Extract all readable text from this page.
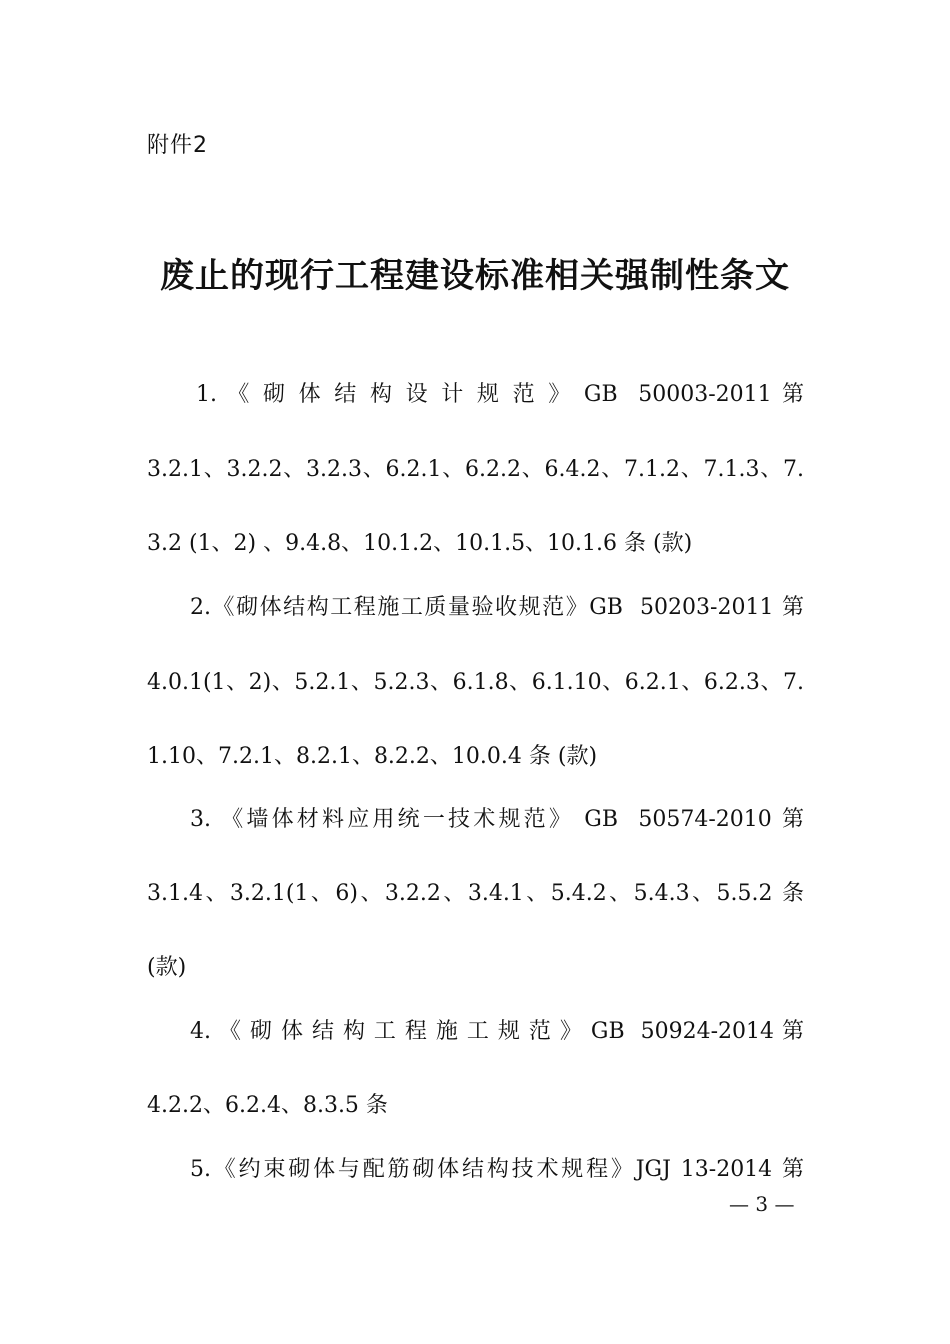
附件2
废止的现行工程建设标准相关强制性条文
1. 《 砌 体 结 构 设 计 规 范 》 GB  50003-2011 第
3.2.1、3.2.2、3.2.3、6.2.1、6.2.2、6.4.2、7.1.2、7.1.3、7.
3.2 (1、2) 、9.4.8、10.1.2、10.1.5、10.1.6 条 (款)
2.《砌体结构工程施工质量验收规范》GB  50203-2011 第
4.0.1(1、2)、5.2.1、5.2.3、6.1.8、6.1.10、6.2.1、6.2.3、7.
1.10、7.2.1、8.2.1、8.2.2、10.0.4 条 (款)
3. 《墙体材料应用统一技术规范》 GB  50574-2010 第
3.1.4、3.2.1(1、6)、3.2.2、3.4.1、5.4.2、5.4.3、5.5.2 条
(款)
4. 《 砌 体 结 构 工 程 施 工 规 范 》 GB  50924-2014 第
4.2.2、6.2.4、8.3.5 条
5.《约束砌体与配筋砌体结构技术规程》JGJ 13-2014 第
— 3 —
